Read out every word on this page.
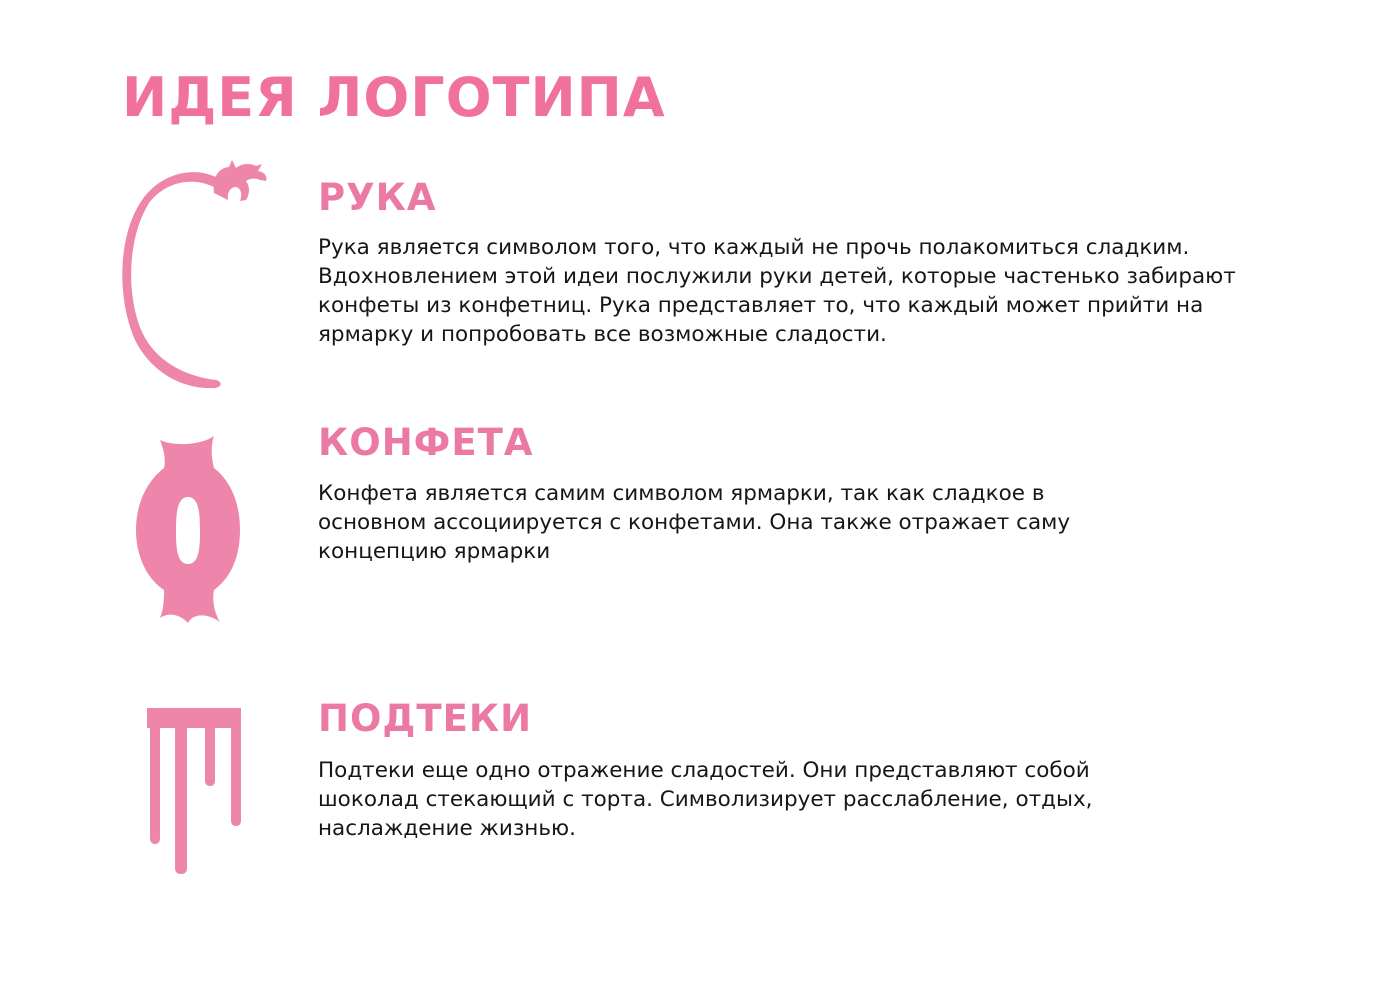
ИДЕЯ ЛОГОТИПА
РУКА
Рука является символом того, что каждый не прочь полакомиться сладким.
Вдохновлением этой идеи послужили руки детей, которые частенько забирают
конфеты из конфетниц. Рука представляет то, что каждый может прийти на
ярмарку и попробовать все возможные сладости.
КОНФЕТА
Конфета является самим символом ярмарки, так как сладкое в
основном ассоциируется с конфетами. Она также отражает саму
концепцию ярмарки
ПОДТЕКИ
Подтеки еще одно отражение сладостей. Они представляют собой
шоколад стекающий с торта. Символизирует расслабление, отдых,
наслаждение жизнью.
